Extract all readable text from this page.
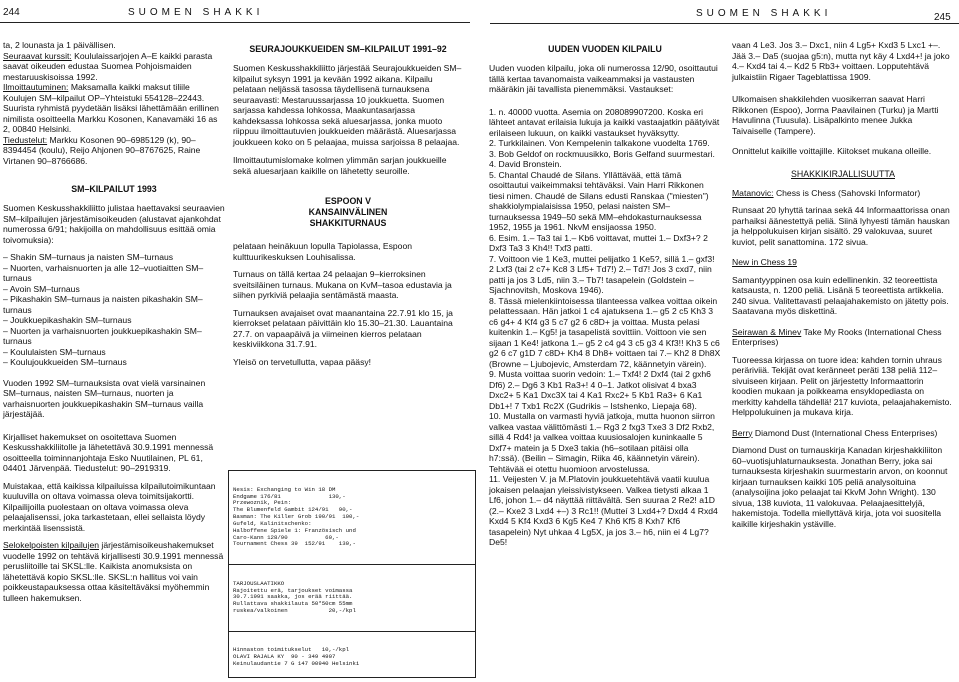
244	SUOMEN SHAKKI	SUOMEN SHAKKI	245

ta, 2 lounasta ja 1 päivällisen.
Seuraavat kurssit: Koululaissarjojen A–E kaikki parasta saavat oikeuden edustaa Suomea Pohjoismaiden mestaruuskisoissa 1992.
Ilmoittautuminen: Maksamalla kaikki maksut tiliile Koulujen SM–kilpailut OP–Yhteistuki 554128–22443. Suurista ryhmistä pyydetään lisäksi lähettämään erillinen nimilista osoitteella Markku Kosonen, Kanavamäki 16 as 2, 00840 Helsinki.
Tiedustelut: Markku Kosonen 90–6985129 (k), 90–8394454 (koulu), Reijo Ahjonen 90–8767625, Raine Virtanen 90–8766686.

SM–KILPAILUT 1993

Suomen Keskusshakkiliitto julistaa haettavaksi seuraavien SM–kilpailujen järjestämisoikeuden (alustavat ajankohdat numerossa 6/91; hakijoilla on mahdollisuus esittää omia toivomuksia):

– Shakin SM–turnaus ja naisten SM–turnaus
– Nuorten, varhaisnuorten ja alle 12–vuotiaitten SM–turnaus
– Avoin SM–turnaus
– Pikashakin SM–turnaus ja naisten pikashakin SM–turnaus
– Joukkuepikashakin SM–turnaus
– Nuorten ja varhaisnuorten joukkuepikashakin SM–turnaus
– Koululaisten SM–turnaus
– Koulujoukkueiden SM–turnaus

Vuoden 1992 SM–turnauksista ovat vielä varsinainen SM–turnaus, naisten SM–turnaus, nuorten ja varhaisnuorten joukkuepikashakin SM–turnaus vailla järjestäjää.

Kirjalliset hakemukset on osoitettava Suomen Keskusshakkiliitolle ja lähetettävä 30.9.1991 mennessä osoitteella toiminnanjohtaja Esko Nuutilainen, PL 61, 04401 Järvenpää. Tiedustelut: 90–2919319.

Muistakaa, että kaikissa kilpailuissa kilpailutoimikuntaan kuuluvilla on oltava voimassa oleva toimitsijakortti. Kilpailijoilla puolestaan on oltava voimassa oleva pelaajalisenssi, joka tarkastetaan, ellei sellaista löydy merkintää lisenssistä.

Selokelpoisten kilpailujen järjestämisoikeushakemukset vuodelle 1992 on tehtävä kirjallisesti 30.9.1991 mennessä perusliitoille tai SKSL:lle. Kaikista anomuksista on lähetettävä kopio SKSL:lle. SKSL:n hallitus voi vain poikkeustapauksessa ottaa käsiteltäväksi myöhemmin tulleen hakemuksen.

SEURAJOUKKUEIDEN SM–KILPAILUT 1991–92

Suomen Keskusshakkiliitto järjestää Seurajoukkueiden SM–kilpailut syksyn 1991 ja kevään 1992 aikana. Kilpailu pelataan neljässä tasossa täydellisenä turnauksena seuraavasti: Mestaruussarjassa 10 joukkuetta. Suomen sarjassa kahdessa lohkossa, Maakuntasarjassa kahdeksassa lohkossa sekä aluesarjassa, jonka muoto riippuu ilmoittautuvien joukkueiden määrästä. Aluesarjassa joukkueen koko on 5 pelaajaa, muissa sarjoissa 8 pelaajaa.

Ilmoittautumislomake kolmen ylimmän sarjan joukkueille sekä aluesarjaan kaikille on lähetetty seuroille.

ESPOON V
KANSAINVÄLINEN
SHAKKITURNAUS

pelataan heinäkuun lopulla Tapiolassa, Espoon kulttuurikeskuksen Louhisalissa.

Turnaus on tällä kertaa 24 pelaajan 9–kierroksinen sveitsiläinen turnaus. Mukana on KvM–tasoa edustavia ja siihen pyrkiviä pelaajia sentämästä maasta.

Turnauksen avajaiset ovat maanantaina 22.7.91 klo 15, ja kierrokset pelataan päivittäin klo 15.30–21.30. Lauantaina 27.7. on vapaapäivä ja viimeinen kierros pelataan keskiviikkona 31.7.91.

Yleisö on tervetullutta, vapaa pääsy!

Nesis: Exchanging to Win 18 DM
Endgame 176/81              130,-
Przewoznik, Pein:
The Blumenfeld Gambit 124/91   90,-
Basman: The Killer Grob 190/91  100,-
Gufeld, Kalinitschenko:
Halboffene Spiele 1: Französisch und
Caro-Kann 128/90           60,-
Tournament Chess 39  152/91    130,-

TARJOUSLAATIKKO
Rajoitettu erä, tarjoukset voimassa
30.7.1991 saakka, jos erää riittää.
Rullattava shakkilauta 50*50cm 55mm
ruskea/valkoinen            20,-/kpl

Hinnaston toimitukselut   10,-/kpl
OLAVI RAJALA KY  90 - 349 4907
Keinulaudantie 7 G 147 00940 Helsinki

UUDEN VUODEN KILPAILU

Uuden vuoden kilpailu, joka oli numerossa 12/90, osoittautui tällä kertaa tavanomaista vaikeammaksi ja vastausten määräkin jäi tavallista pienemmäksi. Vastaukset:

1. n. 40000 vuotta. Asemia on 208089907200. Koska eri lähteet antavat erilaisia lukuja ja kaikki vastaajatkin päätyivät erilaiseen lukuun, on kaikki vastaukset hyväksytty.
2. Turkkilainen. Von Kempelenin talkakone vuodelta 1769.
3. Bob Geldof on rockmuusikko, Boris Gelfand suurmestari.
4. David Bronstein.
5. Chantal Chaudé de Silans. Yllättävää, että tämä osoittautui vaikeimmaksi tehtäväksi. Vain Harri Rikkonen tiesi nimen. Chaudé de Silans edusti Ranskaa ("miesten") shakkiolympialaisissa 1950, pelasi naisten SM–turnauksessa 1949–50 sekä MM–ehdokasturnauksessa 1952, 1955 ja 1961. NkvM ensijaossa 1950.
6. Esim. 1.– Ta3 tai 1.– Kb6 voittavat, muttei 1.– Dxf3+? 2 Dxf3 Ta3 3 Kh4!! Txf3 patti.
7. Voittoon vie 1 Ke3, muttei pelijatko 1 Ke5?, sillä 1.– gxf3! 2 Lxf3 (tai 2 c7+ Kc8 3 Lf5+ Td7!) 2.– Td7! Jos 3 cxd7, niin patti ja jos 3 Ld5, niin 3.– Tb7! tasapelein (Goldstein – Sjachnovitsh, Moskova 1946).
8. Tässä mielenkiintoisessa tilanteessa valkea voittaa oikein pelattessaan. Hän jatkoi 1 c4 ajatuksena 1.– g5 2 c5 Kh3 3 c6 g4+ 4 Kf4 g3 5 c7 g2 6 c8D+ ja voittaa. Musta pelasi kuitenkin 1.– Kg5! ja tasapelistä sovittiin. Voittoon vie sen sijaan 1 Ke4! jatkona 1.– g5 2 c4 g4 3 c5 g3 4 Kf3!! Kh3 5 c6 g2 6 c7 g1D 7 c8D+ Kh4 8 Dh8+ voittaen tai 7.– Kh2 8 Dh8X (Browne – Ljubojevic, Amsterdam 72, käännetyin värein).
9. Musta voittaa suorin vedoin: 1.– Txf4! 2 Dxf4 (tai 2 gxh6 Df6) 2.– Dg6 3 Kb1 Ra3+! 4 0–1. Jatkot olisivat 4 bxa3 Dxc2+ 5 Ka1 Dxc3X tai 4 Ka1 Rxc2+ 5 Kb1 Ra3+ 6 Ka1 Db1+! 7 Txb1 Rc2X (Gudrikis – Istshenko, Liepaja 68).
10. Mustalla on varmasti hyviä jatkoja, mutta huonon siirron valkea vastaa välittömästi 1.– Rg3 2 fxg3 Txe3 3 Df2 Rxb2, sillä 4 Rd4! ja valkea voittaa kuusiosalojen kuninkaalle 5 Dxf7+ matein ja 5 Dxe3 takia (h6–sotilaan pitäisi olla h7:ssä). (Beilin – Simagin, Riika 46, käännetyin värein). Tehtävää ei otettu huomioon arvostelussa.
11. Veijesten V. ja M.Platovin joukkuetehtävä vaatii kuulua jokaisen pelaajan yleissivistykseen. Valkea tietysti alkaa 1 Lf6, johon 1.– d4 näyttää riittävältä. Sen suuraa 2 Re2! a1D (2.– Kxe2 3 Lxd4 +–) 3 Rc1!! (Mutteí 3 Lxd4+? Dxd4 4 Rxd4 Kxd4 5 Kf4 Kxd3 6 Kg5 Ke4 7 Kh6 Kf5 8 Kxh7 Kf6 tasapelein) Nyt uhkaa 4 Lg5X, ja jos 3.– h6, niin ei 4 Lg7? De5!

vaan 4 Le3. Jos 3.– Dxc1, niin 4 Lg5+ Kxd3 5 Lxc1 +–. Jää 3.– Da5 (suojaa g5:n), mutta nyt käy 4 Lxd4+! ja joko 4.– Kxd4 tai 4.– Kd2 5 Rb3+ voittaen. Lopputehtävä julkaistiin Rigaer Tageblattissa 1909.

Ulkomaisen shakkilehden vuosikerran saavat Harri Rikkonen (Espoo), Jorma Paavilainen (Turku) ja Martti Havulinna (Tuusula). Lisäpalkinto menee Jukka Taivaiselle (Tampere).

Onnittelut kaikille voittajille. Kiitokset mukana olleille.

SHAKKIKIRJALLISUUTTA

Matanovic: Chess is Chess (Sahovski Informator)

Runsaat 20 lyhyttä tarinaa sekä 44 Informaattorissa onan parhaiksi äänestettyä peliä. Siinä lyhyesti tämän hauskan ja helppolukuisen kirjan sisältö. 29 valokuvaa, suuret kuviot, pelit sanattomina. 172 sivua.

New in Chess 19

Samantyyppinen osa kuin edellinenkin. 32 teoreettista katsausta, n. 1200 peliä. Lisänä 5 teoreettista artikkelia. 240 sivua. Valitettavasti pelaajahakemisto on jätetty pois. Saatavana myös diskettinä.

Seirawan & Minev Take My Rooks (International Chess Enterprises)

Tuoreessa kirjassa on tuore idea: kahden tornin uhraus peräriviiä. Tekijät ovat keränneet peräti 138 peliä 112–sivuiseen kirjaan. Pelit on järjestetty Informaattorin koodien mukaan ja poikkeama ensyklopediasta on merkitty kahdella tähdellä! 217 kuviota, pelaajahakemisto. Helppolukuinen ja mukava kirja.

Berry Diamond Dust (International Chess Enterprises)

Diamond Dust on turnauskirja Kanadan kirjeshakkiliiton 60–vuotisjuhlaturnauksesta. Jonathan Berry, joka sai turnauksesta kirjeshakin suurmestarin arvon, on koonnut kirjaan turnauksen kaikki 105 peliä analysoituina (analysoijina joko pelaajat tai KkvM John Wright). 130 sivua, 138 kuviota, 11 valokuvaa. Pelaajaesittelyjä, hakemistoja. Todella miellyttävä kirja, jota voi suositella kaikille kirjeshakin ystäville.
